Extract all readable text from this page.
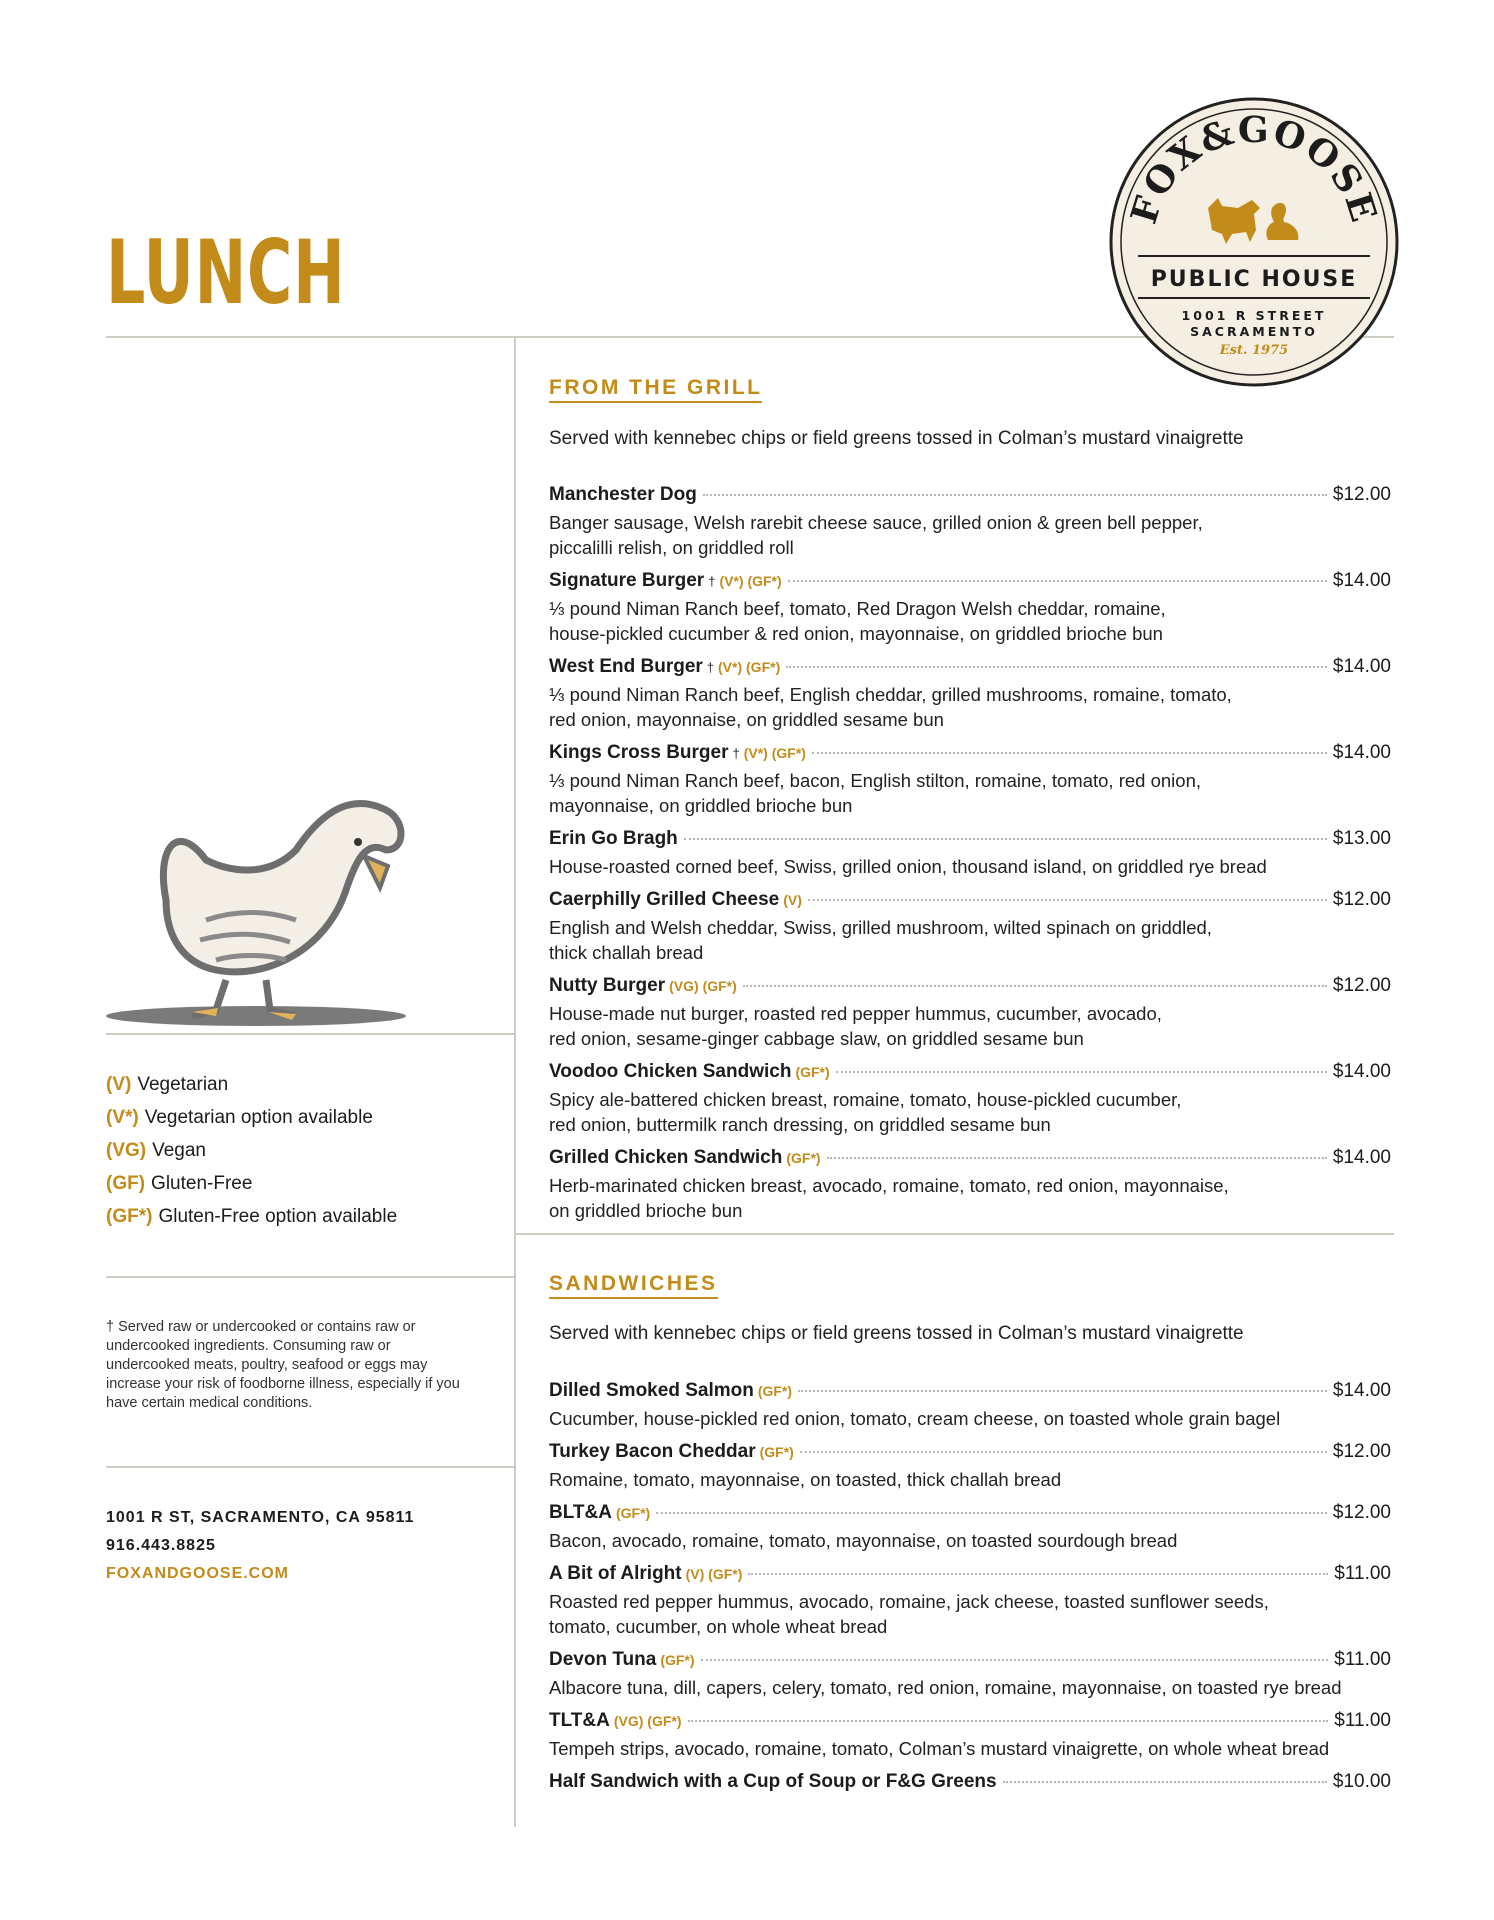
LUNCH
FOX&GOOSE
PUBLIC HOUSE
1001 R STREET
SACRAMENTO
Est. 1975
FROM THE GRILL
Served with kennebec chips or field greens tossed in Colman’s mustard vinaigrette
Manchester Dog	$12.00
Banger sausage, Welsh rarebit cheese sauce, grilled onion & green bell pepper,
piccalilli relish, on griddled roll
Signature Burger † (V*) (GF*)	$14.00
⅓ pound Niman Ranch beef, tomato, Red Dragon Welsh cheddar, romaine,
house-pickled cucumber & red onion, mayonnaise, on griddled brioche bun
West End Burger † (V*) (GF*)	$14.00
⅓ pound Niman Ranch beef, English cheddar, grilled mushrooms, romaine, tomato,
red onion, mayonnaise, on griddled sesame bun
Kings Cross Burger † (V*) (GF*)	$14.00
⅓ pound Niman Ranch beef, bacon, English stilton, romaine, tomato, red onion,
mayonnaise, on griddled brioche bun
Erin Go Bragh	$13.00
House-roasted corned beef, Swiss, grilled onion, thousand island, on griddled rye bread
Caerphilly Grilled Cheese (V)	$12.00
English and Welsh cheddar, Swiss, grilled mushroom, wilted spinach on griddled,
thick challah bread
Nutty Burger (VG) (GF*)	$12.00
House-made nut burger, roasted red pepper hummus, cucumber, avocado,
red onion, sesame-ginger cabbage slaw, on griddled sesame bun
Voodoo Chicken Sandwich (GF*)	$14.00
Spicy ale-battered chicken breast, romaine, tomato, house-pickled cucumber,
red onion, buttermilk ranch dressing, on griddled sesame bun
Grilled Chicken Sandwich (GF*)	$14.00
Herb-marinated chicken breast, avocado, romaine, tomato, red onion, mayonnaise,
on griddled brioche bun
SANDWICHES
Served with kennebec chips or field greens tossed in Colman’s mustard vinaigrette
Dilled Smoked Salmon (GF*)	$14.00
Cucumber, house-pickled red onion, tomato, cream cheese, on toasted whole grain bagel
Turkey Bacon Cheddar (GF*)	$12.00
Romaine, tomato, mayonnaise, on toasted, thick challah bread
BLT&A (GF*)	$12.00
Bacon, avocado, romaine, tomato, mayonnaise, on toasted sourdough bread
A Bit of Alright (V) (GF*)	$11.00
Roasted red pepper hummus, avocado, romaine, jack cheese, toasted sunflower seeds,
tomato, cucumber, on whole wheat bread
Devon Tuna (GF*)	$11.00
Albacore tuna, dill, capers, celery, tomato, red onion, romaine, mayonnaise, on toasted rye bread
TLT&A (VG) (GF*)	$11.00
Tempeh strips, avocado, romaine, tomato, Colman’s mustard vinaigrette, on whole wheat bread
Half Sandwich with a Cup of Soup or F&G Greens	$10.00
(V) Vegetarian
(V*) Vegetarian option available
(VG) Vegan
(GF) Gluten-Free
(GF*) Gluten-Free option available
† Served raw or undercooked or contains raw or undercooked ingredients. Consuming raw or undercooked meats, poultry, seafood or eggs may increase your risk of foodborne illness, especially if you have certain medical conditions.
1001 R ST, SACRAMENTO, CA 95811
916.443.8825
FOXANDGOOSE.COM
